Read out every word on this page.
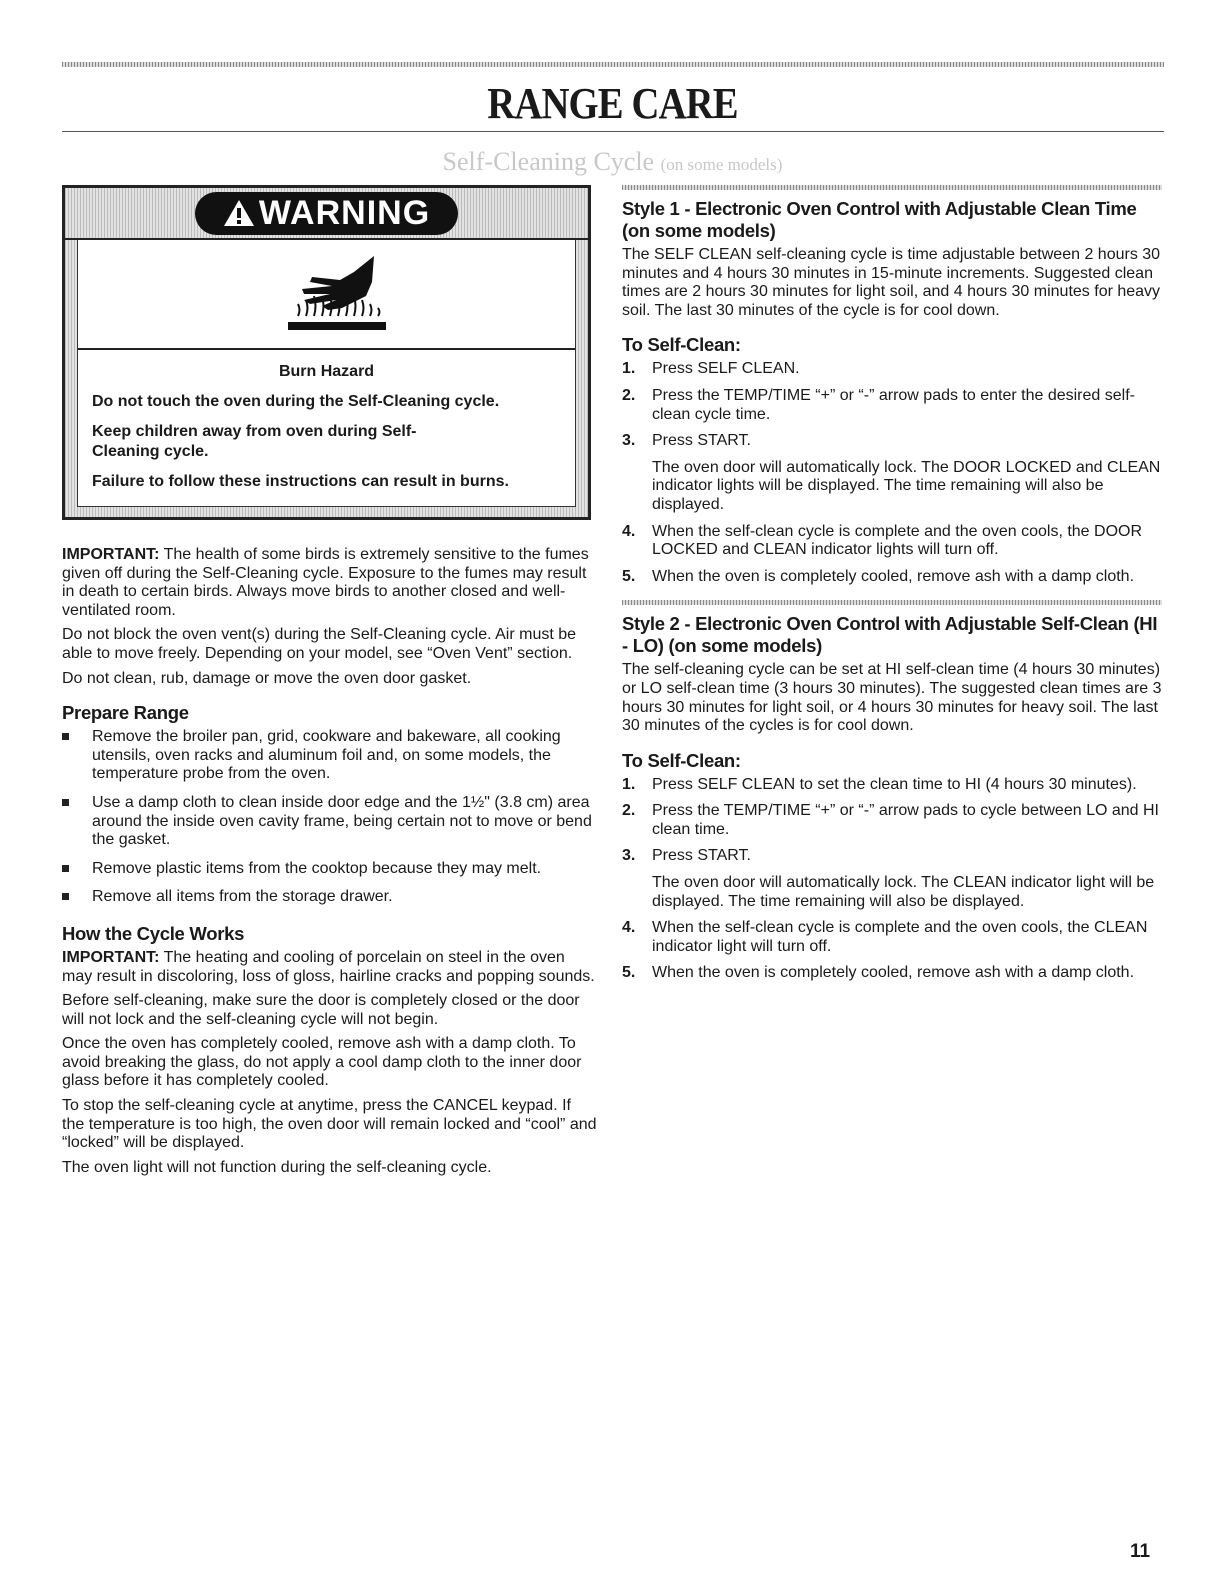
RANGE CARE
Self-Cleaning Cycle (on some models)
WARNING
Burn Hazard

Do not touch the oven during the Self-Cleaning cycle.

Keep children away from oven during Self-Cleaning cycle.

Failure to follow these instructions can result in burns.

IMPORTANT: The health of some birds is extremely sensitive to the fumes given off during the Self-Cleaning cycle. Exposure to the fumes may result in death to certain birds. Always move birds to another closed and well-ventilated room.

Do not block the oven vent(s) during the Self-Cleaning cycle. Air must be able to move freely. Depending on your model, see “Oven Vent” section.

Do not clean, rub, damage or move the oven door gasket.

Prepare Range
Remove the broiler pan, grid, cookware and bakeware, all cooking utensils, oven racks and aluminum foil and, on some models, the temperature probe from the oven.
Use a damp cloth to clean inside door edge and the 1½" (3.8 cm) area around the inside oven cavity frame, being certain not to move or bend the gasket.
Remove plastic items from the cooktop because they may melt.
Remove all items from the storage drawer.
How the Cycle Works

IMPORTANT: The heating and cooling of porcelain on steel in the oven may result in discoloring, loss of gloss, hairline cracks and popping sounds.

Before self-cleaning, make sure the door is completely closed or the door will not lock and the self-cleaning cycle will not begin.

Once the oven has completely cooled, remove ash with a damp cloth. To avoid breaking the glass, do not apply a cool damp cloth to the inner door glass before it has completely cooled.

To stop the self-cleaning cycle at anytime, press the CANCEL keypad. If the temperature is too high, the oven door will remain locked and “cool” and “locked” will be displayed.

The oven light will not function during the self-cleaning cycle.

Style 1 - Electronic Oven Control with Adjustable Clean Time (on some models)

The SELF CLEAN self-cleaning cycle is time adjustable between 2 hours 30 minutes and 4 hours 30 minutes in 15-minute increments. Suggested clean times are 2 hours 30 minutes for light soil, and 4 hours 30 minutes for heavy soil. The last 30 minutes of the cycle is for cool down.

To Self-Clean:
1. Press SELF CLEAN.
2. Press the TEMP/TIME “+” or “-” arrow pads to enter the desired self-clean cycle time.
3. Press START.
The oven door will automatically lock. The DOOR LOCKED and CLEAN indicator lights will be displayed. The time remaining will also be displayed.
4. When the self-clean cycle is complete and the oven cools, the DOOR LOCKED and CLEAN indicator lights will turn off.
5. When the oven is completely cooled, remove ash with a damp cloth.
Style 2 - Electronic Oven Control with Adjustable Self-Clean (HI - LO) (on some models)

The self-cleaning cycle can be set at HI self-clean time (4 hours 30 minutes) or LO self-clean time (3 hours 30 minutes). The suggested clean times are 3 hours 30 minutes for light soil, or 4 hours 30 minutes for heavy soil. The last 30 minutes of the cycles is for cool down.

To Self-Clean:
1. Press SELF CLEAN to set the clean time to HI (4 hours 30 minutes).
2. Press the TEMP/TIME “+” or “-” arrow pads to cycle between LO and HI clean time.
3. Press START.
The oven door will automatically lock. The CLEAN indicator light will be displayed. The time remaining will also be displayed.
4. When the self-clean cycle is complete and the oven cools, the CLEAN indicator light will turn off.
5. When the oven is completely cooled, remove ash with a damp cloth.
11
